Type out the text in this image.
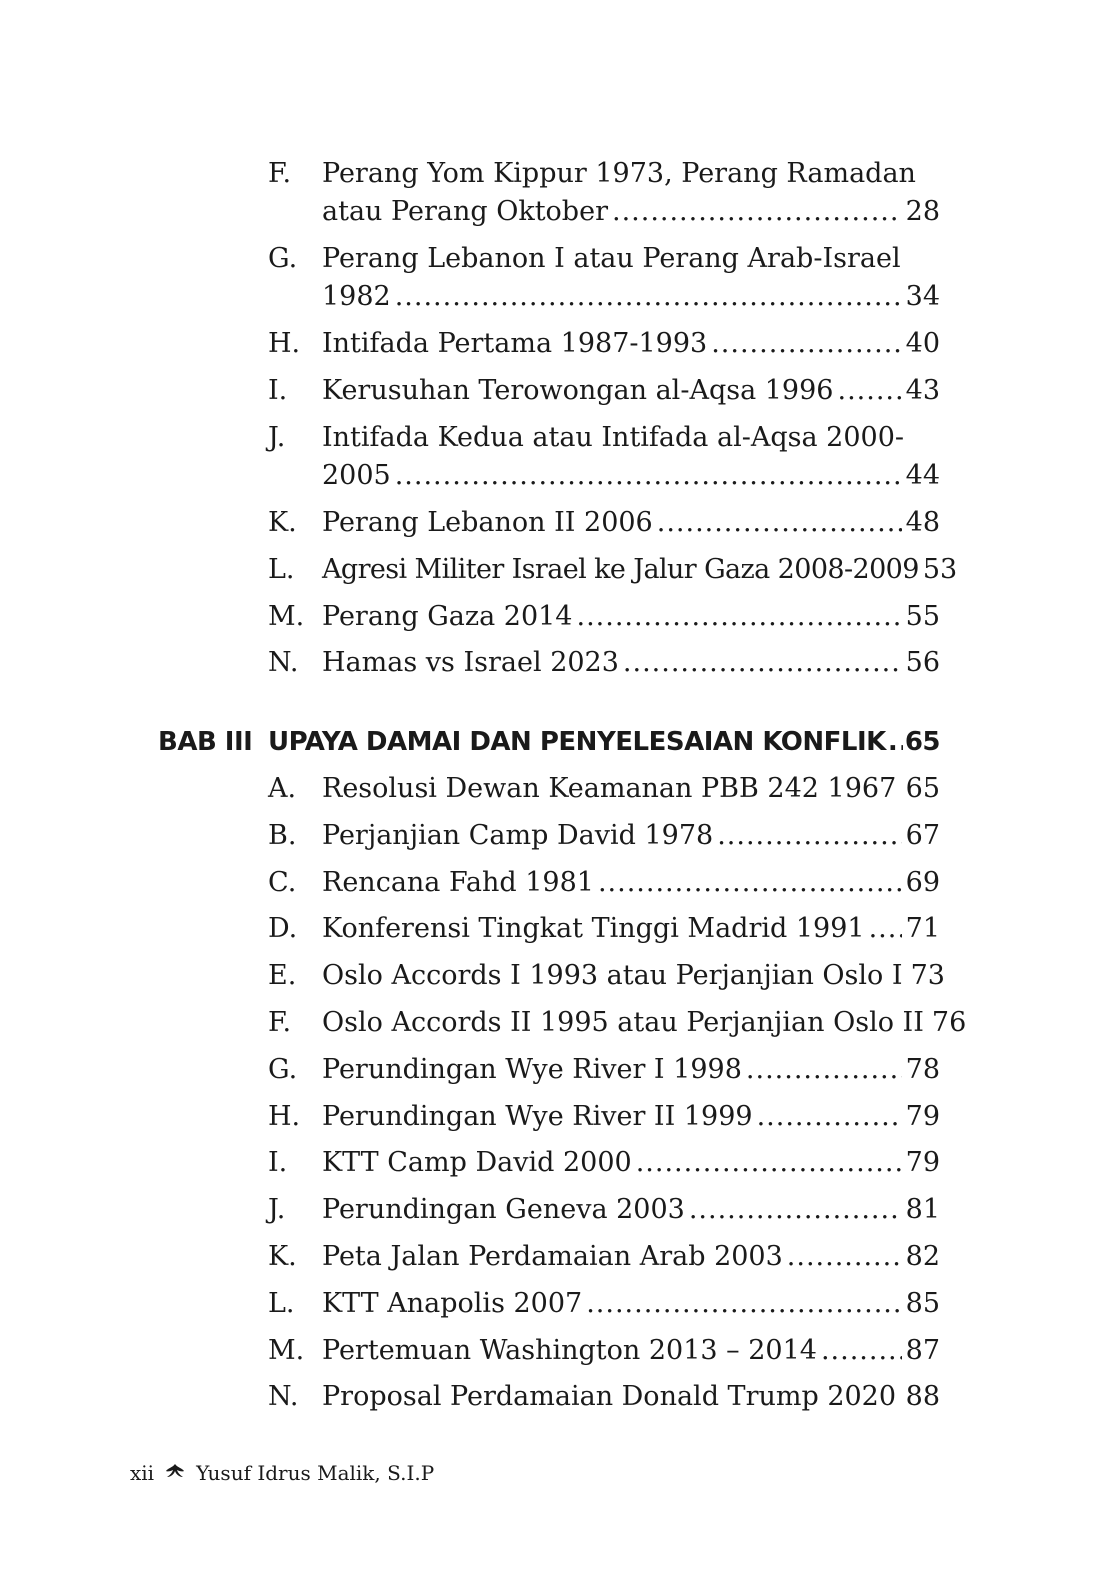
F.	Perang Yom Kippur 1973, Perang Ramadan
atau Perang Oktober .....	28
G. Perang Lebanon I atau Perang Arab-Israel
1982 .....	34
H. Intifada Pertama 1987-1993 .....	40
I.	Kerusuhan Terowongan al-Aqsa 1996 .....	43
J.	Intifada Kedua atau Intifada al-Aqsa 2000-
2005 .....	44
K. Perang Lebanon II 2006 .....	48
L.	Agresi Militer Israel ke Jalur Gaza 2008-2009 53
M. Perang Gaza 2014 .....	55
N. Hamas vs Israel 2023 .....	56
BAB III UPAYA DAMAI DAN PENYELESAIAN KONFLIK ..... 65
A. Resolusi Dewan Keamanan PBB 242 1967 ..... 65
B. Perjanjian Camp David 1978 .....	67
C. Rencana Fahd 1981 .....	69
D. Konferensi Tingkat Tinggi Madrid 1991 ..... 71
E. Oslo Accords I 1993 atau Perjanjian Oslo I 73
F.	Oslo Accords II 1995 atau Perjanjian Oslo II 76
G. Perundingan Wye River I 1998 .....	78
H. Perundingan Wye River II 1999 .....	79
I.	KTT Camp David 2000 .....	79
J.	Perundingan Geneva 2003 .....	81
K. Peta Jalan Perdamaian Arab 2003 .....	82
L.	KTT Anapolis 2007 .....	85
M. Pertemuan Washington 2013 – 2014 .....	87
N. Proposal Perdamaian Donald Trump 2020 ..... 88
xii Yusuf Idrus Malik, S.I.P
